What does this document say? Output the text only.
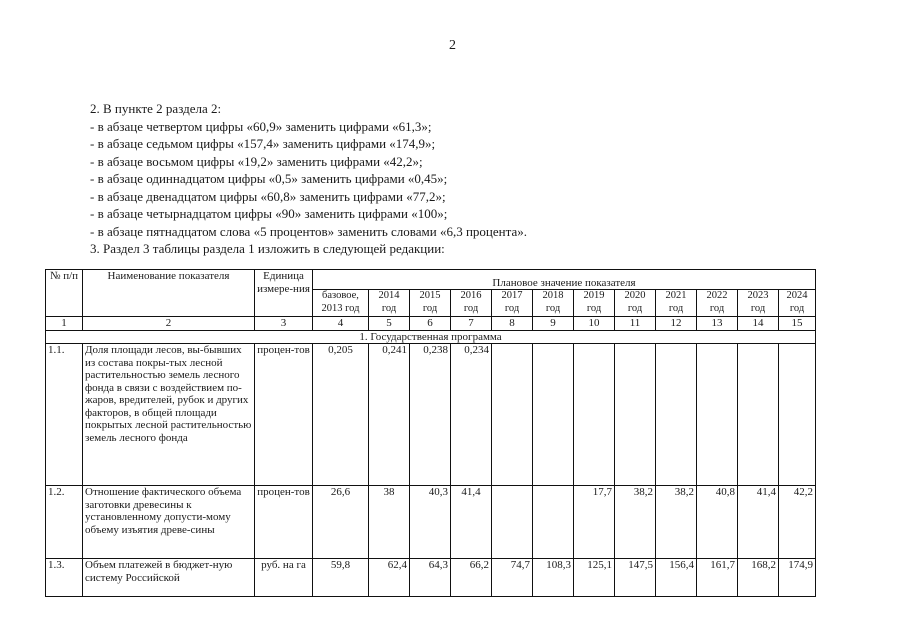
2
2. В пункте 2 раздела 2:
- в абзаце четвертом цифры «60,9» заменить цифрами «61,3»;
- в абзаце седьмом цифры «157,4» заменить цифрами «174,9»;
- в абзаце восьмом цифры «19,2» заменить цифрами «42,2»;
- в абзаце одиннадцатом цифры «0,5» заменить цифрами «0,45»;
- в абзаце двенадцатом цифры «60,8» заменить цифрами «77,2»;
- в абзаце четырнадцатом цифры «90» заменить цифрами «100»;
- в абзаце пятнадцатом слова «5 процентов» заменить словами «6,3 процента».
3. Раздел 3 таблицы раздела 1 изложить в следующей редакции:
№ п/п	Наименование показателя	Единица измере-ния	Плановое значение показателя											
			базовое, 2013 год	2014 год	2015 год	2016 год	2017 год	2018 год	2019 год	2020 год	2021 год	2022 год	2023 год	2024 год
1	2	3	4	5	6	7	8	9	10	11	12	13	14	15
1. Государственная программа														
1.1.	Доля площади лесов, вы-бывших из состава покры-тых лесной растительностью земель лесного фонда в связи с воздействием по-жаров, вредителей, рубок и других факторов, в общей площади покрытых лесной растительностью земель лесного фонда	процен-тов	0,205	0,241	0,238	0,234								
1.2.	Отношение фактического объема заготовки древесины к установленному допусти-мому объему изъятия древе-сины	процен-тов	26,6	38	40,3	41,4			17,7	38,2	38,2	40,8	41,4	42,2
1.3.	Объем платежей в бюджет-ную систему Российской	руб. на га	59,8	62,4	64,3	66,2	74,7	108,3	125,1	147,5	156,4	161,7	168,2	174,9
